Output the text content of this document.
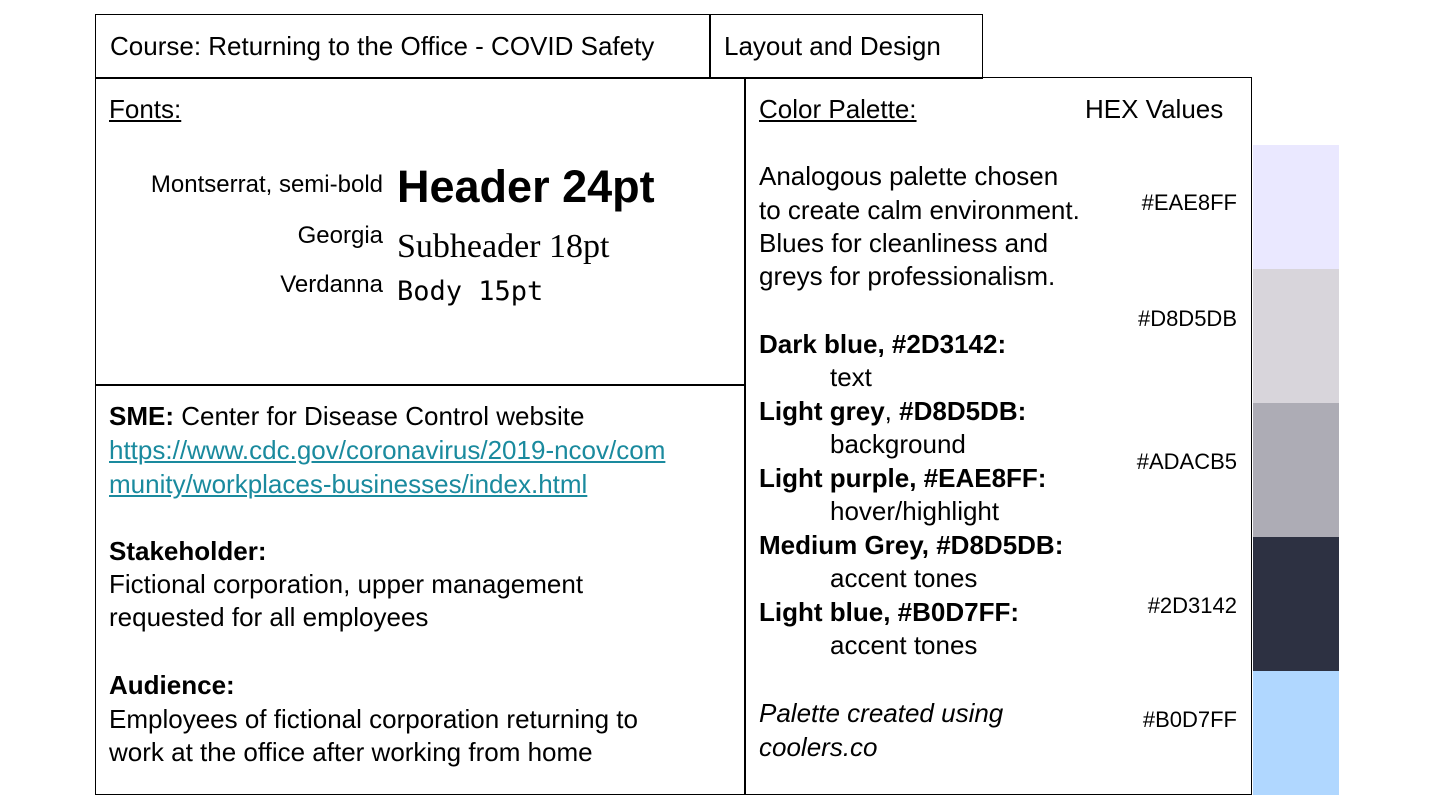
Course: Returning to the Office - COVID Safety	Layout and Design
Fonts:
Montserrat, semi-bold Header 24pt
Georgia Subheader 18pt
Verdanna Body 15pt
SME: Center for Disease Control website
https://www.cdc.gov/coronavirus/2019-ncov/com
munity/workplaces-businesses/index.html
Stakeholder:
Fictional corporation, upper management
requested for all employees
Audience:
Employees of fictional corporation returning to
work at the office after working from home
Color Palette:	HEX Values
Analogous palette chosen
to create calm environment.
Blues for cleanliness and
greys for professionalism.
Dark blue, #2D3142:
text
Light grey, #D8D5DB:
background
Light purple, #EAE8FF:
hover/highlight
Medium Grey, #D8D5DB:
accent tones
Light blue, #B0D7FF:
accent tones
Palette created using
coolers.co
#EAE8FF
#D8D5DB
#ADACB5
#2D3142
#B0D7FF
